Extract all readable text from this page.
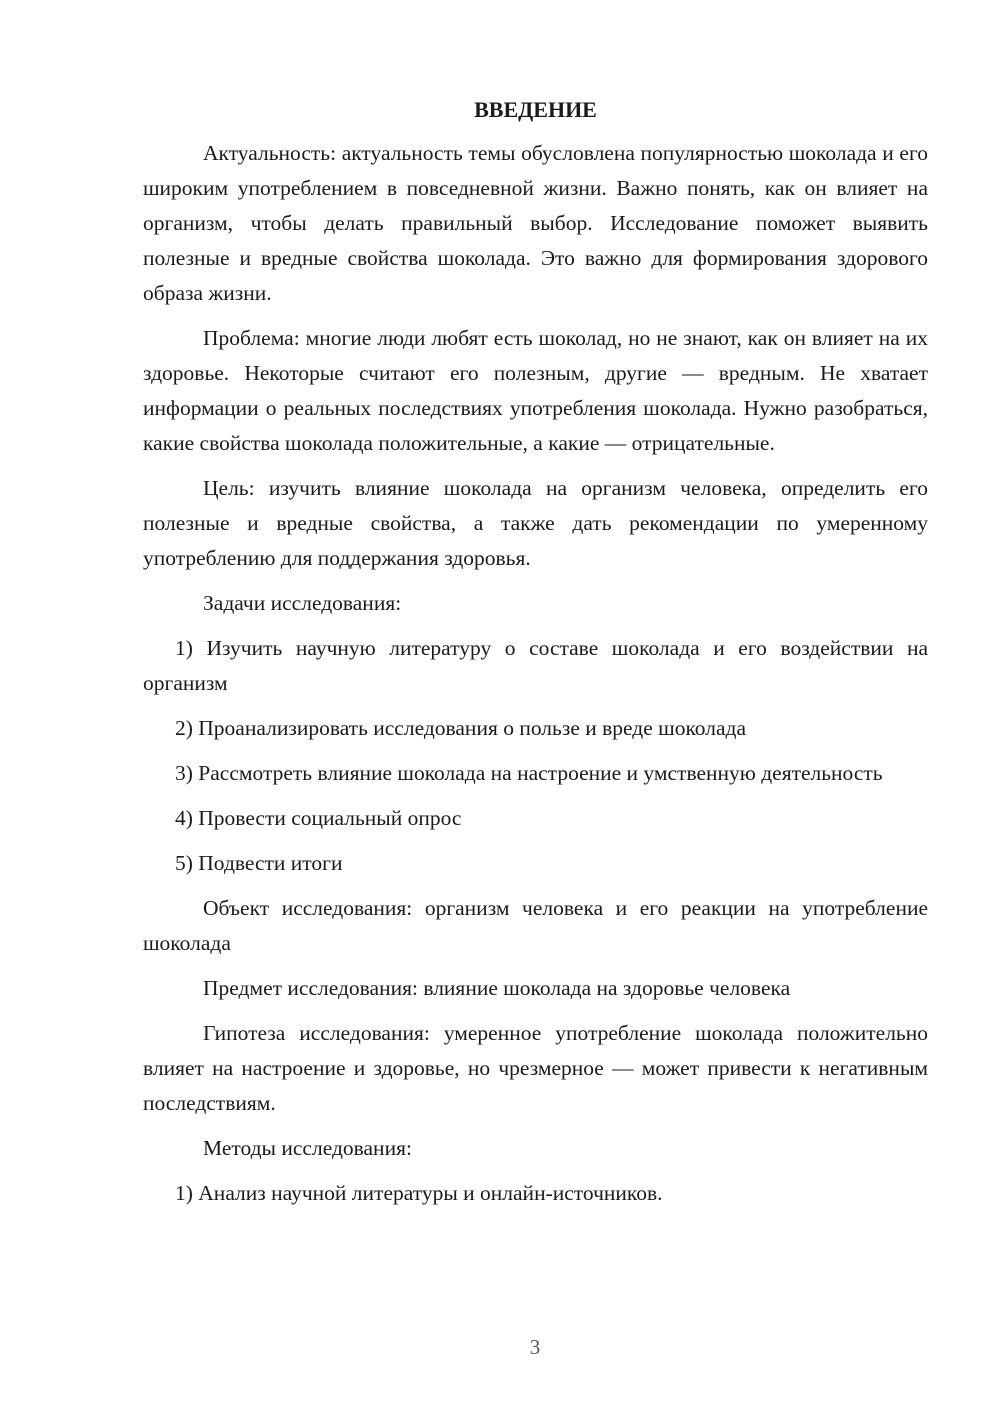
ВВЕДЕНИЕ

Актуальность: актуальность темы обусловлена популярностью шоколада и его широким употреблением в повседневной жизни. Важно понять, как он влияет на организм, чтобы делать правильный выбор. Исследование поможет выявить полезные и вредные свойства шоколада. Это важно для формирования здорового образа жизни.

Проблема: многие люди любят есть шоколад, но не знают, как он влияет на их здоровье. Некоторые считают его полезным, другие — вредным. Не хватает информации о реальных последствиях употребления шоколада. Нужно разобраться, какие свойства шоколада положительные, а какие — отрицательные.

Цель: изучить влияние шоколада на организм человека, определить его полезные и вредные свойства, а также дать рекомендации по умеренному употреблению для поддержания здоровья.

Задачи исследования:

1) Изучить научную литературу о составе шоколада и его воздействии на организм

2) Проанализировать исследования о пользе и вреде шоколада

3) Рассмотреть влияние шоколада на настроение и умственную деятельность

4) Провести социальный опрос

5) Подвести итоги

Объект исследования: организм человека и его реакции на употребление шоколада

Предмет исследования: влияние шоколада на здоровье человека

Гипотеза исследования: умеренное употребление шоколада положительно влияет на настроение и здоровье, но чрезмерное — может привести к негативным последствиям.

Методы исследования:

1) Анализ научной литературы и онлайн-источников.

3
